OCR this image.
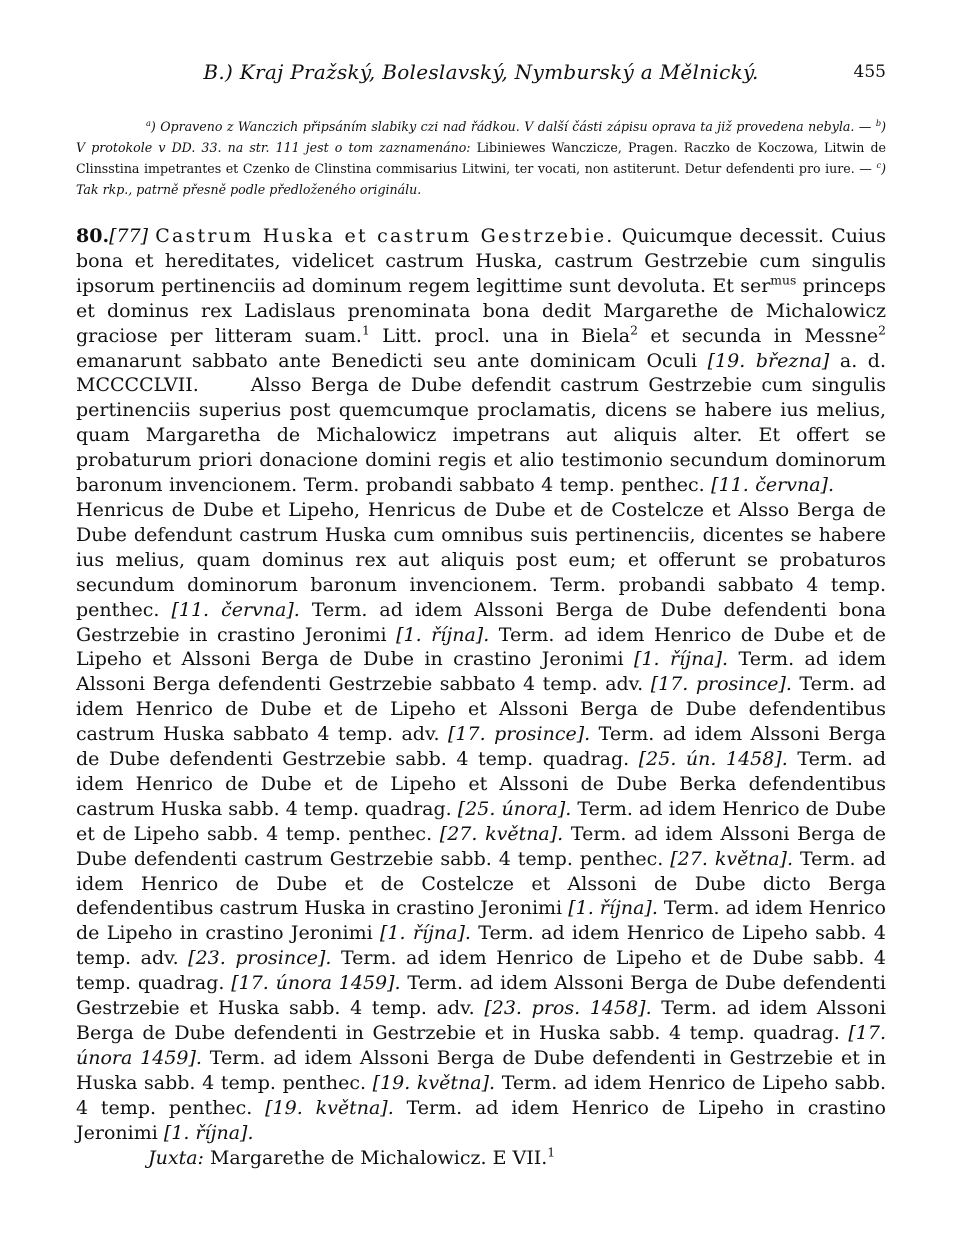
B.) Kraj Pražský, Boleslavský, Nymburský a Mělnický.	455
$^a$) Opraveno z Wanczich připsáním slabiky czi nad řádkou. V další části zápisu oprava ta již provedena nebyla. — $^b$) V protokole v DD. 33. na str. 111 jest o tom zaznamenáno: Libiniewes Wanczicze, Pragen. Raczko de Koczowa, Litwin de Clinsstina impetrantes et Czenko de Clinstina commisarius Litwini, ter vocati, non astiterunt. Detur defendenti pro iure. — $^c$) Tak rkp., patrně přesně podle předloženého originálu.
80.[77] Castrum Huska et castrum Gestrzebie. Quicumque decessit. Cuius bona et hereditates, videlicet castrum Huska, castrum Gestrzebie cum singulis ipsorum pertinenciis ad dominum regem legittime sunt devoluta. Et ser$^{mus}$ princeps et dominus rex Ladislaus prenominata bona dedit Margarethe de Michalowicz graciose per litteram suam.$^1$ Litt. procl. una in Biela$^2$ et secunda in Messne$^2$ emanarunt sabbato ante Benedicti seu ante dominicam Oculi [19. března] a. d. MCCCCLVII.	Alsso Berga de Dube defendit castrum Gestrzebie cum singulis pertinenciis superius post quemcumque proclamatis, dicens se habere ius melius, quam Margaretha de Michalowicz impetrans aut aliquis alter. Et offert se probaturum priori donacione domini regis et alio testimonio secundum dominorum baronum invencionem. Term. probandi sabbato 4 temp. penthec. [11. června].Henricus de Dube et Lipeho, Henricus de Dube et de Costelcze et Alsso Berga de Dube defendunt castrum Huska cum omnibus suis pertinenciis, dicentes se habere ius melius, quam dominus rex aut aliquis post eum; et offerunt se probaturos secundum dominorum baronum invencionem. Term. probandi sabbato 4 temp. penthec. [11. června]. Term. ad idem Alssoni Berga de Dube defendenti bona Gestrzebie in crastino Jeronimi [1. října]. Term. ad idem Henrico de Dube et de Lipeho et Alssoni Berga de Dube in crastino Jeronimi [1. října]. Term. ad idem Alssoni Berga defendenti Gestrzebie sabbato 4 temp. adv. [17. prosince]. Term. ad idem Henrico de Dube et de Lipeho et Alssoni Berga de Dube defendentibus castrum Huska sabbato 4 temp. adv. [17. prosince]. Term. ad idem Alssoni Berga de Dube defendenti Gestrzebie sabb. 4 temp. quadrag. [25. ún. 1458]. Term. ad idem Henrico de Dube et de Lipeho et Alssoni de Dube Berka defendentibus castrum Huska sabb. 4 temp. quadrag. [25. února]. Term. ad idem Henrico de Dube et de Lipeho sabb. 4 temp. penthec. [27. května]. Term. ad idem Alssoni Berga de Dube defendenti castrum Gestrzebie sabb. 4 temp. penthec. [27. května]. Term. ad idem Henrico de Dube et de Costelcze et Alssoni de Dube dicto Berga defendentibus castrum Huska in crastino Jeronimi [1. října]. Term. ad idem Henrico de Lipeho in crastino Jeronimi [1. října]. Term. ad idem Henrico de Lipeho sabb. 4 temp. adv. [23. prosince]. Term. ad idem Henrico de Lipeho et de Dube sabb. 4 temp. quadrag. [17. února 1459]. Term. ad idem Alssoni Berga de Dube defendenti Gestrzebie et Huska sabb. 4 temp. adv. [23. pros. 1458]. Term. ad idem Alssoni Berga de Dube defendenti in Gestrzebie et in Huska sabb. 4 temp. quadrag. [17. února 1459]. Term. ad idem Alssoni Berga de Dube defendenti in Gestrzebie et in Huska sabb. 4 temp. penthec. [19. května]. Term. ad idem Henrico de Lipeho sabb. 4 temp. penthec. [19. května]. Term. ad idem Henrico de Lipeho in crastino Jeronimi [1. října].
Juxta: Margarethe de Michalowicz. E VII.$^1$
